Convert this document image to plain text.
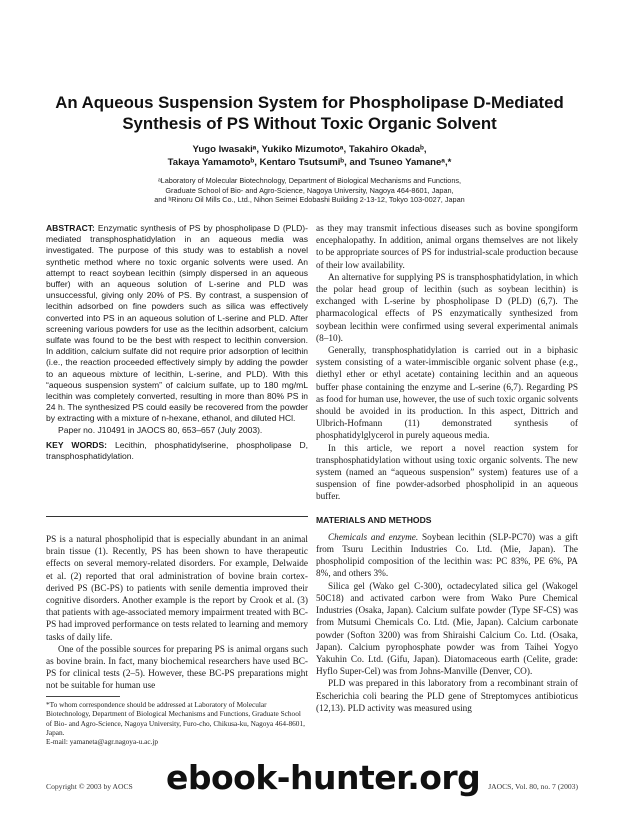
An Aqueous Suspension System for Phospholipase D-Mediated
Synthesis of PS Without Toxic Organic Solvent
Yugo Iwasakiᵃ, Yukiko Mizumotoᵃ, Takahiro Okadaᵇ,
Takaya Yamamotoᵇ, Kentaro Tsutsumiᵇ, and Tsuneo Yamaneᵃ,*
ᵃLaboratory of Molecular Biotechnology, Department of Biological Mechanisms and Functions,
Graduate School of Bio- and Agro-Science, Nagoya University, Nagoya 464-8601, Japan,
and ᵇRinoru Oil Mills Co., Ltd., Nihon Seimei Edobashi Building 2-13-12, Tokyo 103-0027, Japan

ABSTRACT: Enzymatic synthesis of PS by phospholipase D (PLD)-mediated transphosphatidylation in an aqueous media was investigated. The purpose of this study was to establish a novel synthetic method where no toxic organic solvents were used. An attempt to react soybean lecithin (simply dispersed in an aqueous buffer) with an aqueous solution of L-serine and PLD was unsuccessful, giving only 20% of PS. By contrast, a suspension of lecithin adsorbed on fine powders such as silica was effectively converted into PS in an aqueous solution of L-serine and PLD. After screening various powders for use as the lecithin adsorbent, calcium sulfate was found to be the best with respect to lecithin conversion. In addition, calcium sulfate did not require prior adsorption of lecithin (i.e., the reaction proceeded effectively simply by adding the powder to an aqueous mixture of lecithin, L-serine, and PLD). With this “aqueous suspension system” of calcium sulfate, up to 180 mg/mL lecithin was completely converted, resulting in more than 80% PS in 24 h. The synthesized PS could easily be recovered from the powder by extracting with a mixture of n-hexane, ethanol, and diluted HCl.

Paper no. J10491 in JAOCS 80, 653–657 (July 2003).

KEY WORDS: Lecithin, phosphatidylserine, phospholipase D, transphosphatidylation.

PS is a natural phospholipid that is especially abundant in an animal brain tissue (1). Recently, PS has been shown to have therapeutic effects on several memory-related disorders. For example, Delwaide et al. (2) reported that oral administration of bovine brain cortex-derived PS (BC-PS) to patients with senile dementia improved their cognitive disorders. Another example is the report by Crook et al. (3) that patients with age-associated memory impairment treated with BC-PS had improved performance on tests related to learning and memory tasks of daily life.

One of the possible sources for preparing PS is animal organs such as bovine brain. In fact, many biochemical researchers have used BC-PS for clinical tests (2–5). However, these BC-PS preparations might not be suitable for human use

as they may transmit infectious diseases such as bovine spongiform encephalopathy. In addition, animal organs themselves are not likely to be appropriate sources of PS for industrial-scale production because of their low availability.

An alternative for supplying PS is transphosphatidylation, in which the polar head group of lecithin (such as soybean lecithin) is exchanged with L-serine by phospholipase D (PLD) (6,7). The pharmacological effects of PS enzymatically synthesized from soybean lecithin were confirmed using several experimental animals (8–10).

Generally, transphosphatidylation is carried out in a biphasic system consisting of a water-immiscible organic solvent phase (e.g., diethyl ether or ethyl acetate) containing lecithin and an aqueous buffer phase containing the enzyme and L-serine (6,7). Regarding PS as food for human use, however, the use of such toxic organic solvents should be avoided in its production. In this aspect, Dittrich and Ulbrich-Hofmann (11) demonstrated synthesis of phosphatidylglycerol in purely aqueous media.

In this article, we report a novel reaction system for transphosphatidylation without using toxic organic solvents. The new system (named an “aqueous suspension” system) features use of a suspension of fine powder-adsorbed phospholipid in an aqueous buffer.

MATERIALS AND METHODS

Chemicals and enzyme. Soybean lecithin (SLP-PC70) was a gift from Tsuru Lecithin Industries Co. Ltd. (Mie, Japan). The phospholipid composition of the lecithin was: PC 83%, PE 6%, PA 8%, and others 3%.

Silica gel (Wako gel C-300), octadecylated silica gel (Wakogel 50C18) and activated carbon were from Wako Pure Chemical Industries (Osaka, Japan). Calcium sulfate powder (Type SF-CS) was from Mutsumi Chemicals Co. Ltd. (Mie, Japan). Calcium carbonate powder (Softon 3200) was from Shiraishi Calcium Co. Ltd. (Osaka, Japan). Calcium pyrophosphate powder was from Taihei Yogyo Yakuhin Co. Ltd. (Gifu, Japan). Diatomaceous earth (Celite, grade: Hyflo Super-Cel) was from Johns-Manville (Denver, CO).

PLD was prepared in this laboratory from a recombinant strain of Escherichia coli bearing the PLD gene of Streptomyces antibioticus (12,13). PLD activity was measured using

*To whom correspondence should be addressed at Laboratory of Molecular Biotechnology, Department of Biological Mechanisms and Functions, Graduate School of Bio- and Agro-Science, Nagoya University, Furo-cho, Chikusa-ku, Nagoya 464-8601, Japan.
E-mail: yamaneta@agr.nagoya-u.ac.jp
Copyright © 2003 by AOCS	JAOCS, Vol. 80, no. 7 (2003)
ebook-hunter.org
